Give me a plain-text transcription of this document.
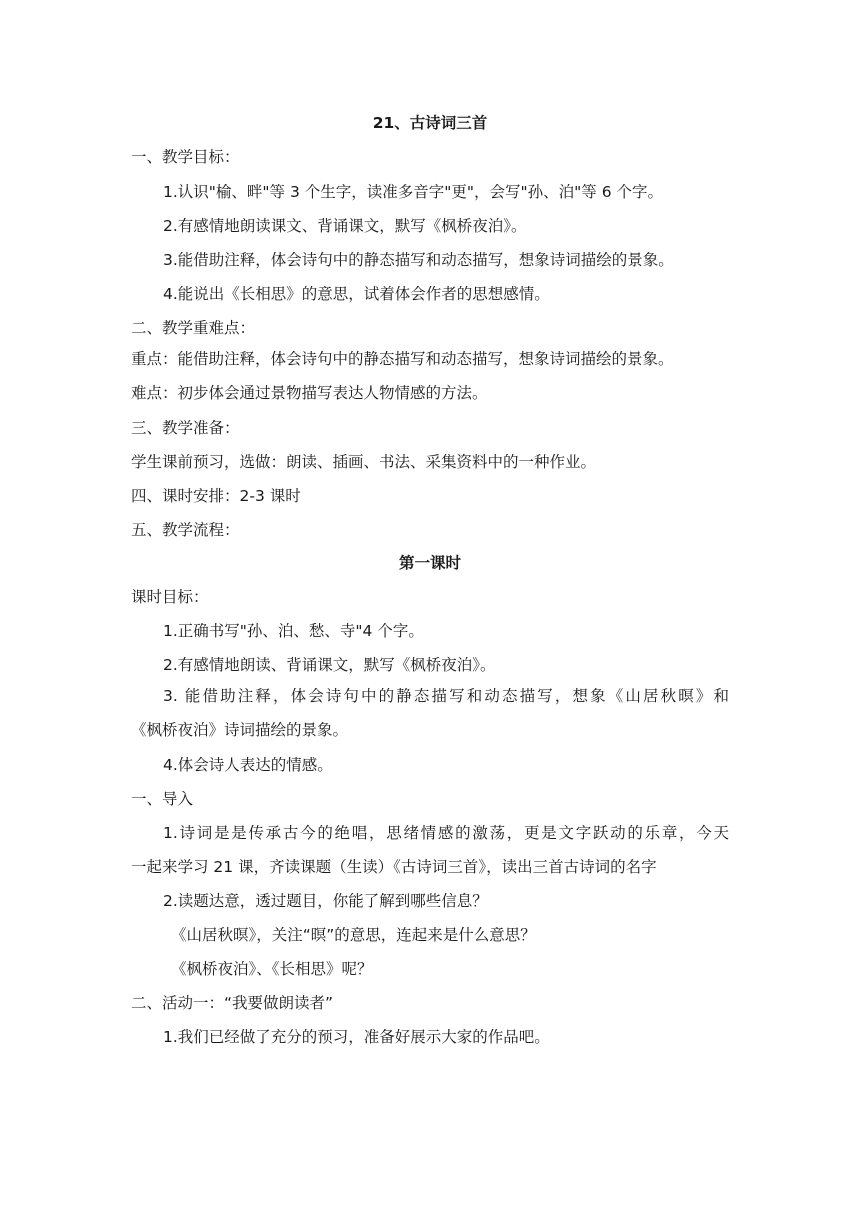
21、古诗词三首
一、教学目标：
1.认识"榆、畔"等 3 个生字，读准多音字"更"，会写"孙、泊"等 6 个字。
2.有感情地朗读课文、背诵课文，默写《枫桥夜泊》。
3.能借助注释，体会诗句中的静态描写和动态描写，想象诗词描绘的景象。
4.能说出《长相思》的意思，试着体会作者的思想感情。
二、教学重难点：
重点：能借助注释，体会诗句中的静态描写和动态描写，想象诗词描绘的景象。
难点：初步体会通过景物描写表达人物情感的方法。
三、教学准备：
学生课前预习，选做：朗读、插画、书法、采集资料中的一种作业。
四、课时安排：2-3 课时
五、教学流程：
第一课时
课时目标：
1.正确书写"孙、泊、愁、寺"4 个字。
2.有感情地朗读、背诵课文，默写《枫桥夜泊》。
3. 能借助注释，体会诗句中的静态描写和动态描写，想象《山居秋暝》和
《枫桥夜泊》诗词描绘的景象。
4.体会诗人表达的情感。
一、导入
1.诗词是是传承古今的绝唱，思绪情感的激荡，更是文字跃动的乐章，今天
一起来学习 21 课，齐读课题（生读）《古诗词三首》，读出三首古诗词的名字
2.读题达意，透过题目，你能了解到哪些信息？
《山居秋暝》，关注“暝”的意思，连起来是什么意思？
《枫桥夜泊》、《长相思》呢？
二、活动一：“我要做朗读者”
1.我们已经做了充分的预习，准备好展示大家的作品吧。
